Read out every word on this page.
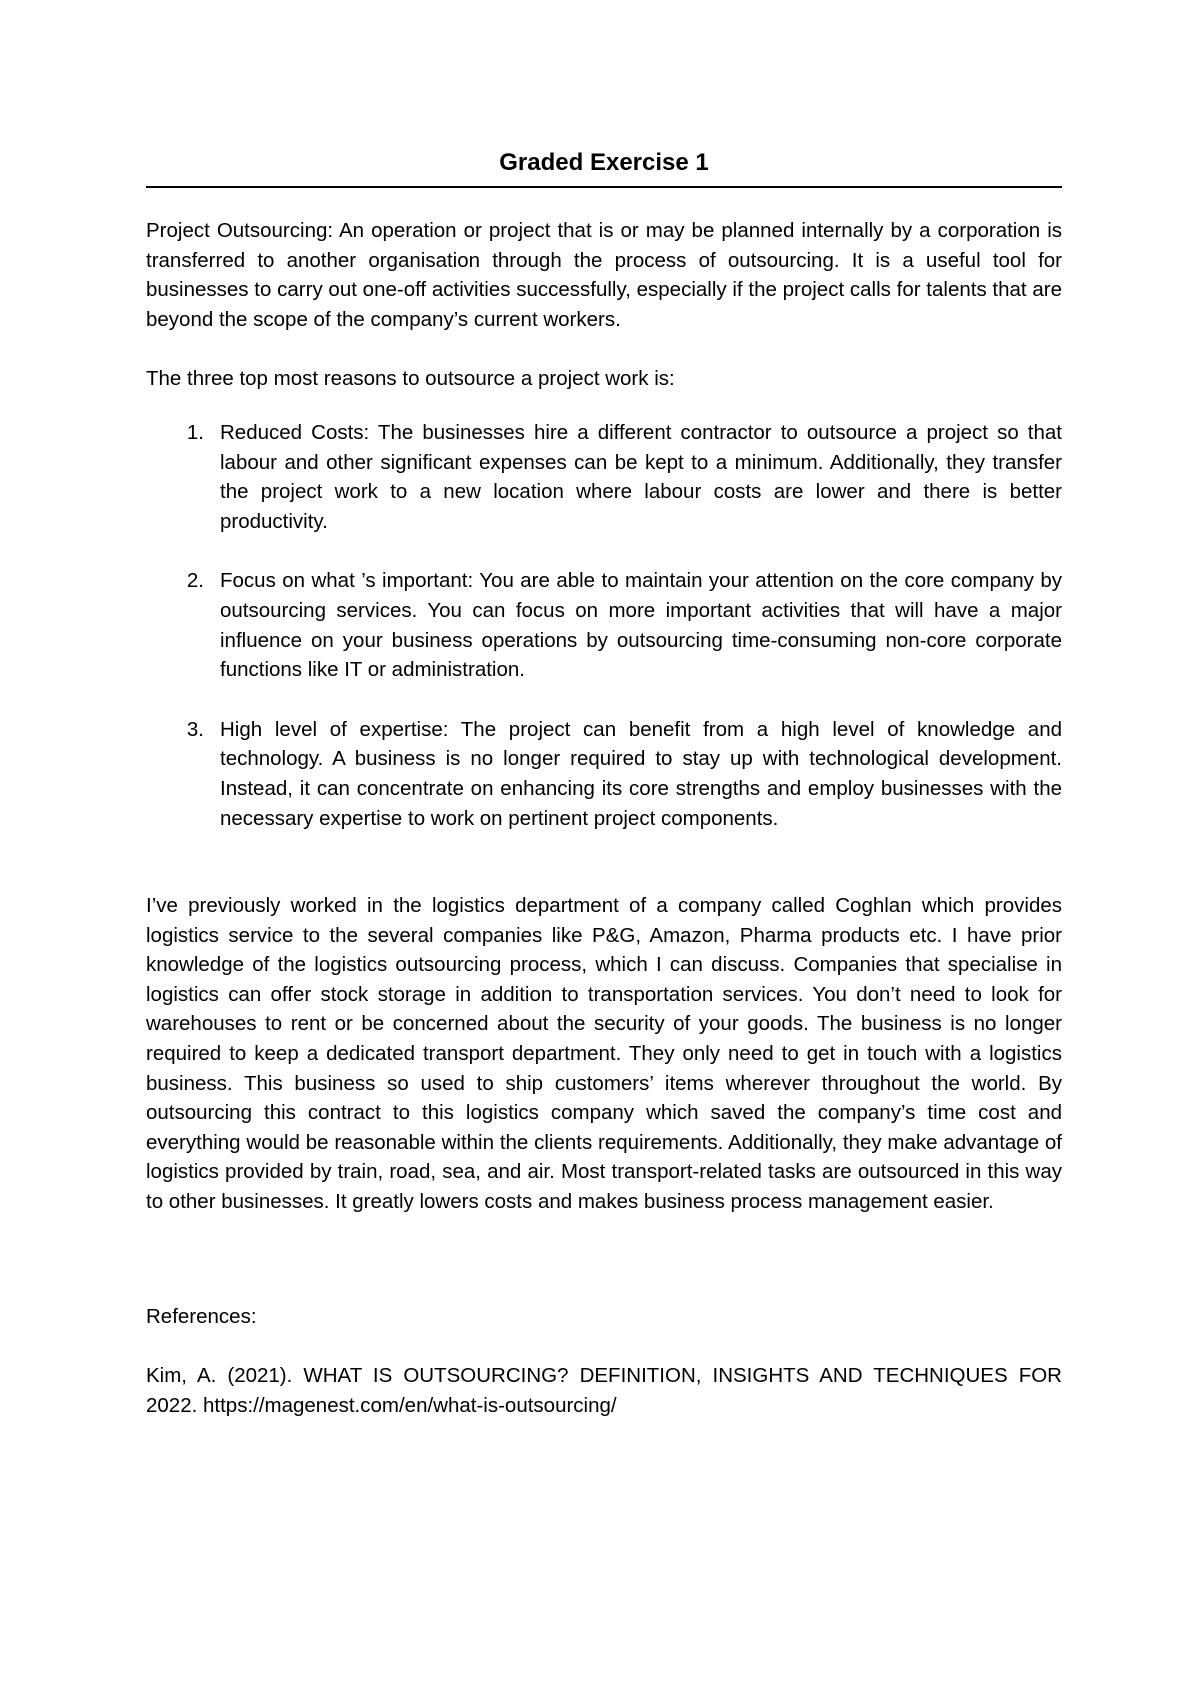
Graded Exercise 1

Project Outsourcing: An operation or project that is or may be planned internally by a corporation is transferred to another organisation through the process of outsourcing. It is a useful tool for businesses to carry out one-off activities successfully, especially if the project calls for talents that are beyond the scope of the company’s current workers.

The three top most reasons to outsource a project work is:

1. Reduced Costs: The businesses hire a different contractor to outsource a project so that labour and other significant expenses can be kept to a minimum. Additionally, they transfer the project work to a new location where labour costs are lower and there is better productivity.
2. Focus on what ’s important: You are able to maintain your attention on the core company by outsourcing services. You can focus on more important activities that will have a major influence on your business operations by outsourcing time-consuming non-core corporate functions like IT or administration.
3. High level of expertise: The project can benefit from a high level of knowledge and technology. A business is no longer required to stay up with technological development. Instead, it can concentrate on enhancing its core strengths and employ businesses with the necessary expertise to work on pertinent project components.

I’ve previously worked in the logistics department of a company called Coghlan which provides logistics service to the several companies like P&G, Amazon, Pharma products etc. I have prior knowledge of the logistics outsourcing process, which I can discuss. Companies that specialise in logistics can offer stock storage in addition to transportation services. You don’t need to look for warehouses to rent or be concerned about the security of your goods. The business is no longer required to keep a dedicated transport department. They only need to get in touch with a logistics business. This business so used to ship customers’ items wherever throughout the world. By outsourcing this contract to this logistics company which saved the company’s time cost and everything would be reasonable within the clients requirements. Additionally, they make advantage of logistics provided by train, road, sea, and air. Most transport-related tasks are outsourced in this way to other businesses. It greatly lowers costs and makes business process management easier.

References:

Kim, A. (2021). WHAT IS OUTSOURCING? DEFINITION, INSIGHTS AND TECHNIQUES FOR 2022. https://magenest.com/en/what-is-outsourcing/
